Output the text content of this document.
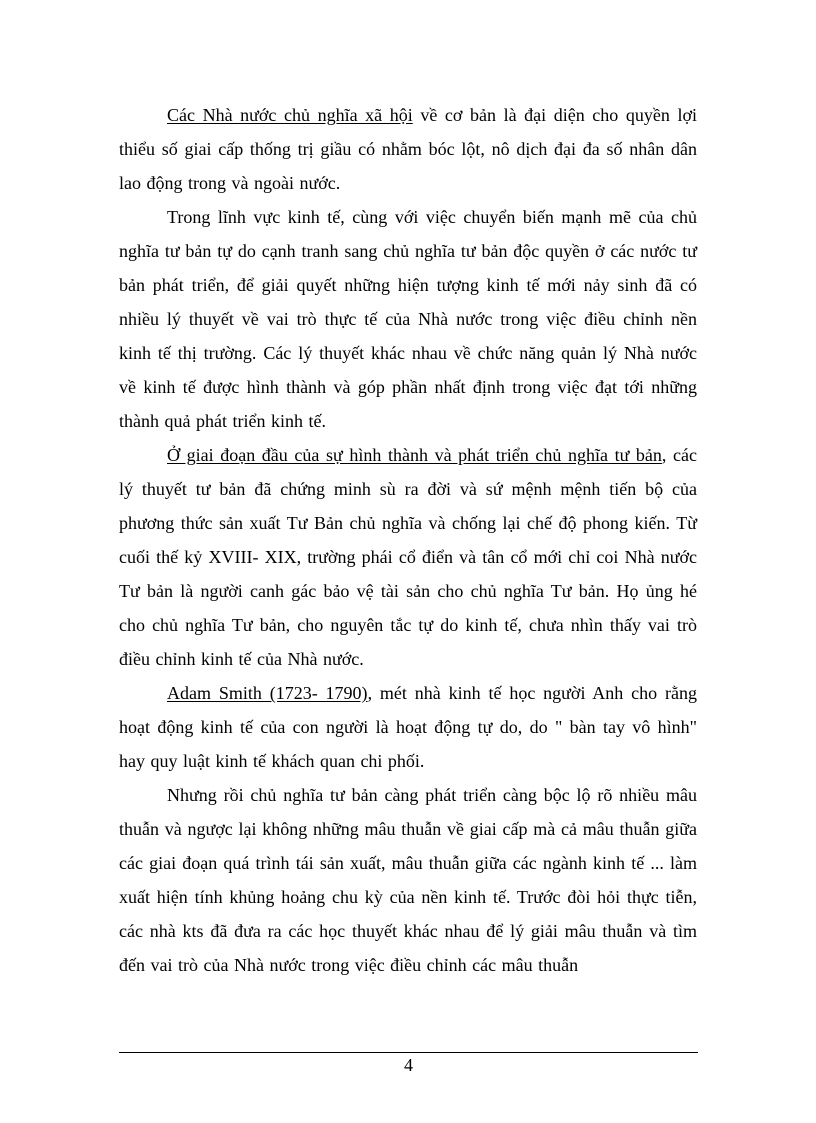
Các Nhà nước chủ nghĩa xã hội về cơ bản là đại diện cho quyền lợi thiểu số giai cấp thống trị giầu có nhằm bóc lột, nô dịch đại đa số nhân dân lao động trong và ngoài nước.

Trong lĩnh vực kinh tế, cùng với việc chuyển biến mạnh mẽ của chủ nghĩa tư bản tự do cạnh tranh sang chủ nghĩa tư bản độc quyền ở các nước tư bản phát triển, để giải quyết những hiện tượng kinh tế mới nảy sinh đã có nhiều lý thuyết về vai trò thực tế của Nhà nước trong việc điều chỉnh nền kinh tế thị trường. Các lý thuyết khác nhau về chức năng quản lý Nhà nước về kinh tế được hình thành và góp phần nhất định trong việc đạt tới những thành quả phát triển kinh tế.

Ở giai đoạn đầu của sự hình thành và phát triển chủ nghĩa tư bản, các lý thuyết tư bản đã chứng minh sù ra đời và sứ mệnh mệnh tiến bộ của phương thức sản xuất Tư Bản chủ nghĩa và chống lại chế độ phong kiến. Từ cuối thế kỷ XVIII- XIX, trường phái cổ điển và tân cổ mới chỉ coi Nhà nước Tư bản là người canh gác bảo vệ tài sản cho chủ nghĩa Tư bản. Họ ủng hé cho chủ nghĩa Tư bản, cho nguyên tắc tự do kinh tế, chưa nhìn thấy vai trò điều chỉnh kinh tế của Nhà nước.

Adam Smith (1723- 1790), mét nhà kinh tế học người Anh cho rằng hoạt động kinh tế của con người là hoạt động tự do, do " bàn tay vô hình" hay quy luật kinh tế khách quan chi phối.

Nhưng rồi chủ nghĩa tư bản càng phát triển càng bộc lộ rõ nhiều mâu thuẫn và ngược lại không những mâu thuẫn về giai cấp mà cả mâu thuẫn giữa các giai đoạn quá trình tái sản xuất, mâu thuẫn giữa các ngành kinh tế ... làm xuất hiện tính khủng hoảng chu kỳ của nền kinh tế. Trước đòi hỏi thực tiễn, các nhà kts đã đưa ra các học thuyết khác nhau để lý giải mâu thuẫn và tìm đến vai trò của Nhà nước trong việc điều chỉnh các mâu thuẫn

4
